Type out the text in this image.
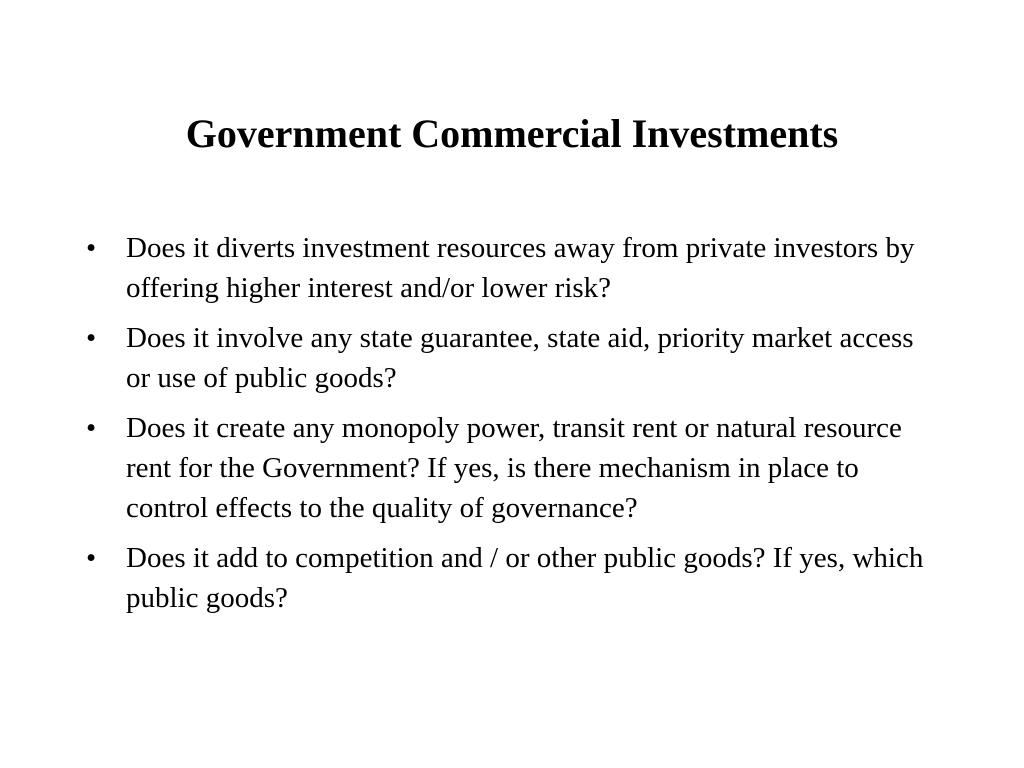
Government Commercial Investments
•	Does it diverts investment resources away from private investors by offering higher interest and/or lower risk?
•	Does it involve any state guarantee, state aid, priority market access or use of public goods?
•	Does it create any monopoly power, transit rent or natural resource rent for the Government? If yes, is there mechanism in place to control effects to the quality of governance?
•	Does it add to competition and / or other public goods? If yes, which public goods?
